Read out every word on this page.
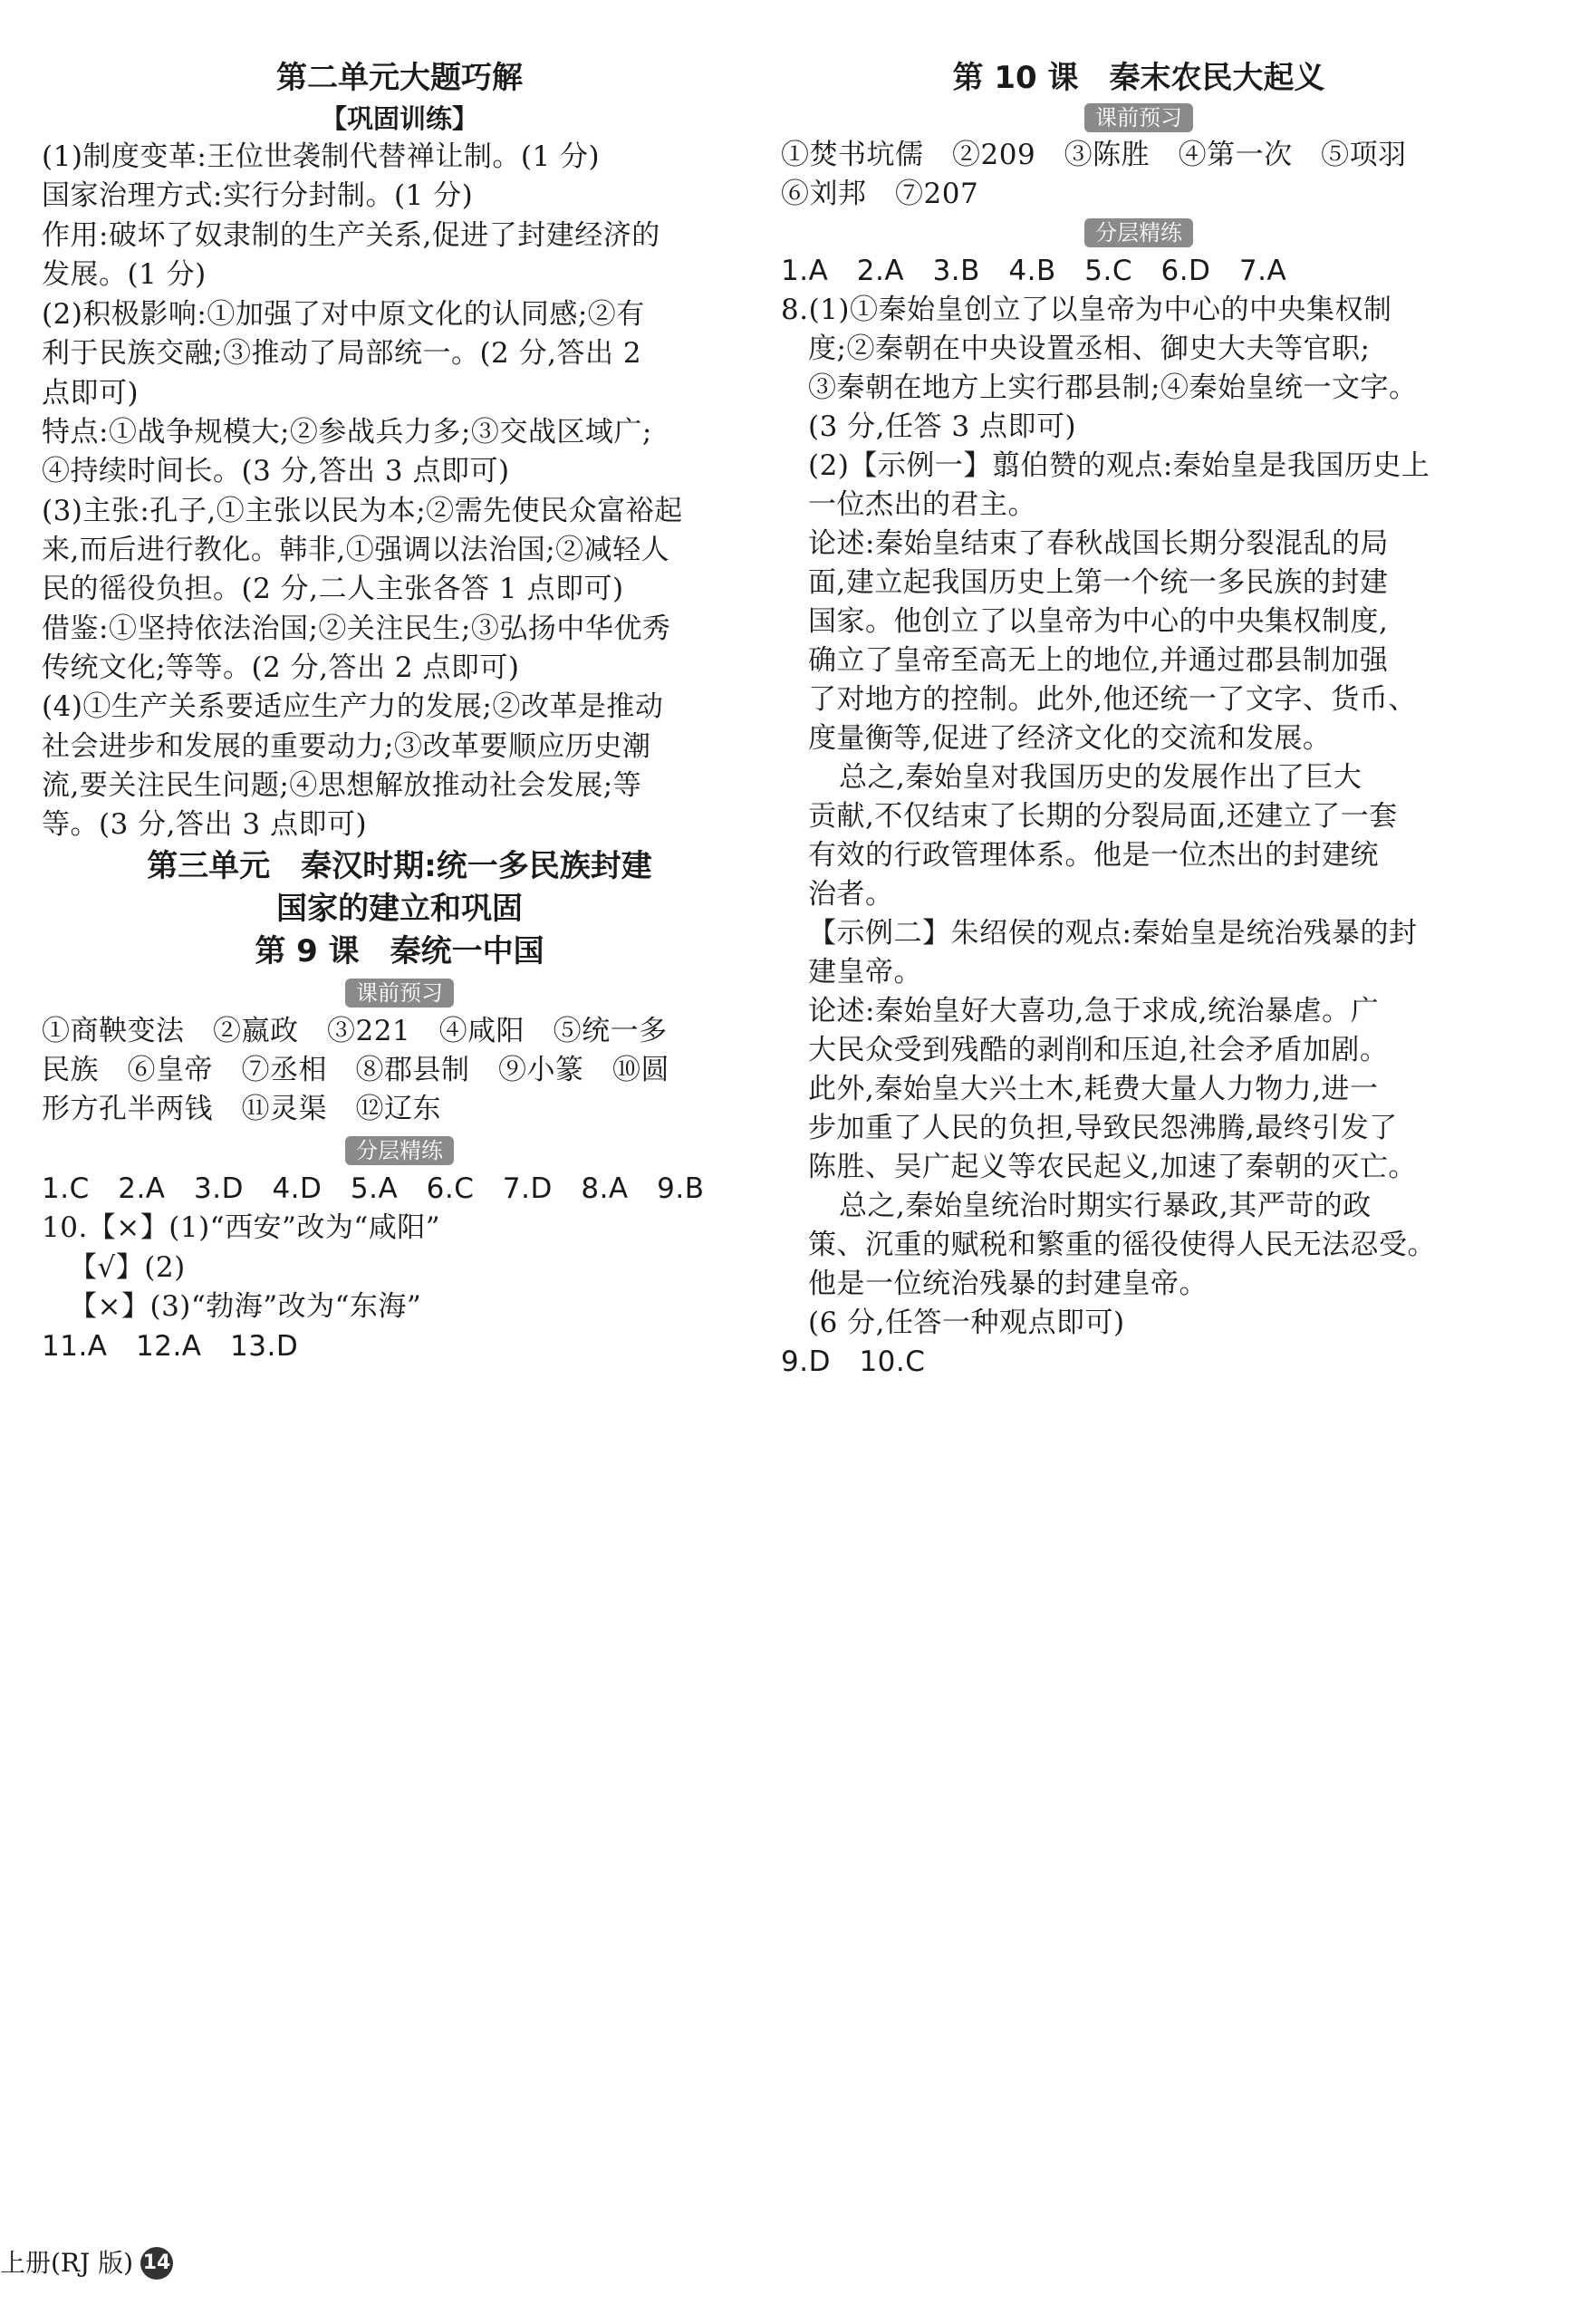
第二单元大题巧解
【巩固训练】
(1)制度变革:王位世袭制代替禅让制。(1 分)
国家治理方式:实行分封制。(1 分)
作用:破坏了奴隶制的生产关系,促进了封建经济的
发展。(1 分)
(2)积极影响:①加强了对中原文化的认同感;②有
利于民族交融;③推动了局部统一。(2 分,答出 2
点即可)
特点:①战争规模大;②参战兵力多;③交战区域广;
④持续时间长。(3 分,答出 3 点即可)
(3)主张:孔子,①主张以民为本;②需先使民众富裕起
来,而后进行教化。韩非,①强调以法治国;②减轻人
民的徭役负担。(2 分,二人主张各答 1 点即可)
借鉴:①坚持依法治国;②关注民生;③弘扬中华优秀
传统文化;等等。(2 分,答出 2 点即可)
(4)①生产关系要适应生产力的发展;②改革是推动
社会进步和发展的重要动力;③改革要顺应历史潮
流,要关注民生问题;④思想解放推动社会发展;等
等。(3 分,答出 3 点即可)
第三单元　秦汉时期:统一多民族封建
国家的建立和巩固
第 9 课　秦统一中国
课前预习
①商鞅变法　②嬴政　③221　④咸阳　⑤统一多
民族　⑥皇帝　⑦丞相　⑧郡县制　⑨小篆　⑩圆
形方孔半两钱　⑪灵渠　⑫辽东
分层精练
1.C　2.A　3.D　4.D　5.A　6.C　7.D　8.A　9.B
10.【×】(1)“西安”改为“咸阳”
【√】(2)
【×】(3)“勃海”改为“东海”
11.A　12.A　13.D
第 10 课　秦末农民大起义
课前预习
①焚书坑儒　②209　③陈胜　④第一次　⑤项羽
⑥刘邦　⑦207
分层精练
1.A　2.A　3.B　4.B　5.C　6.D　7.A
8.(1)①秦始皇创立了以皇帝为中心的中央集权制
度;②秦朝在中央设置丞相、御史大夫等官职;
③秦朝在地方上实行郡县制;④秦始皇统一文字。
(3 分,任答 3 点即可)
(2)【示例一】翦伯赞的观点:秦始皇是我国历史上
一位杰出的君主。
论述:秦始皇结束了春秋战国长期分裂混乱的局
面,建立起我国历史上第一个统一多民族的封建
国家。他创立了以皇帝为中心的中央集权制度,
确立了皇帝至高无上的地位,并通过郡县制加强
了对地方的控制。此外,他还统一了文字、货币、
度量衡等,促进了经济文化的交流和发展。
总之,秦始皇对我国历史的发展作出了巨大
贡献,不仅结束了长期的分裂局面,还建立了一套
有效的行政管理体系。他是一位杰出的封建统
治者。
【示例二】朱绍侯的观点:秦始皇是统治残暴的封
建皇帝。
论述:秦始皇好大喜功,急于求成,统治暴虐。广
大民众受到残酷的剥削和压迫,社会矛盾加剧。
此外,秦始皇大兴土木,耗费大量人力物力,进一
步加重了人民的负担,导致民怨沸腾,最终引发了
陈胜、吴广起义等农民起义,加速了秦朝的灭亡。
总之,秦始皇统治时期实行暴政,其严苛的政
策、沉重的赋税和繁重的徭役使得人民无法忍受。
他是一位统治残暴的封建皇帝。
(6 分,任答一种观点即可)
9.D　10.C
上册(RJ 版) 14
